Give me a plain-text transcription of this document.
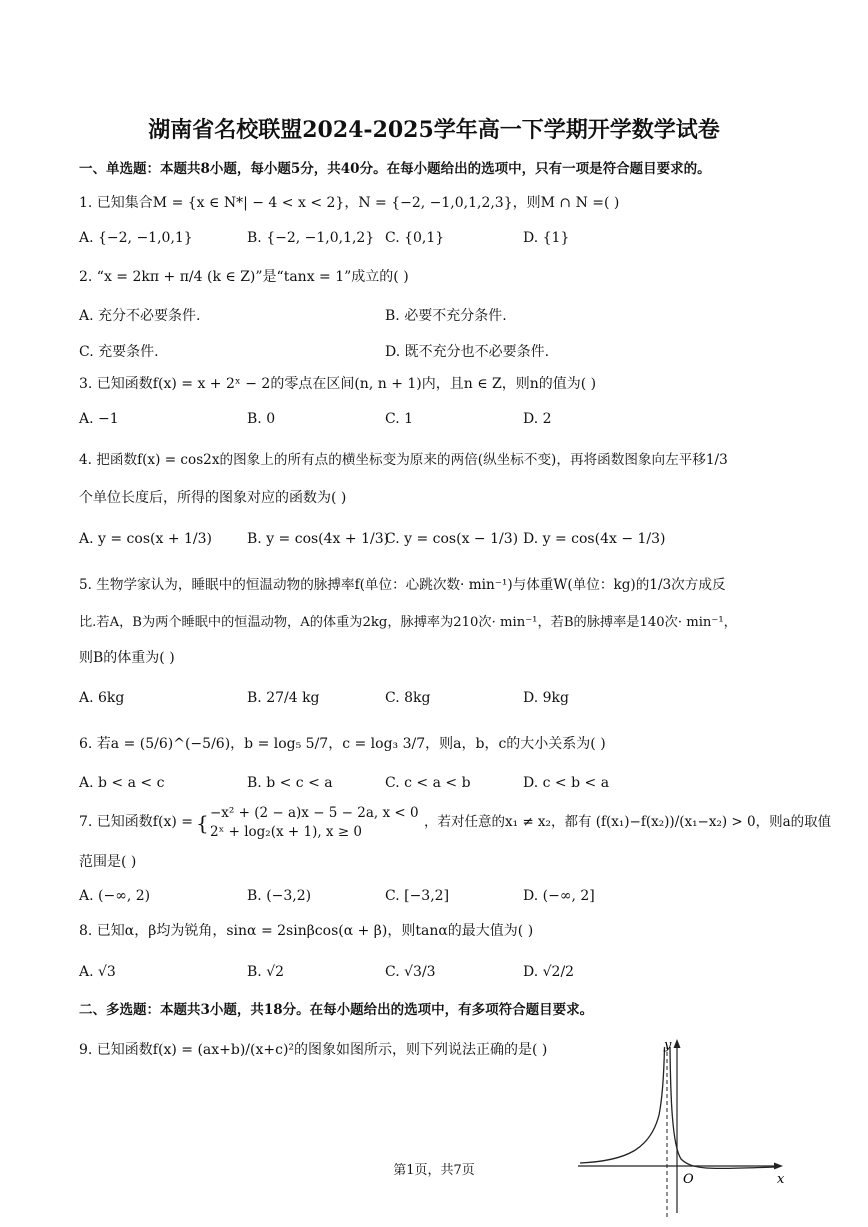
湖南省名校联盟2024-2025学年高一下学期开学数学试卷
一、单选题：本题共8小题，每小题5分，共40分。在每小题给出的选项中，只有一项是符合题目要求的。
1. 已知集合M = {x ∈ N*| − 4 < x < 2}，N = {−2, −1,0,1,2,3}，则M ∩ N =( )
A. {−2, −1,0,1}	B. {−2, −1,0,1,2} C. {0,1}	D. {1}
2. “x = 2kπ + π/4 (k ∈ Z)”是“tanx = 1”成立的( )
A. 充分不必要条件.	B. 必要不充分条件.
C. 充要条件.	D. 既不充分也不必要条件.
3. 已知函数f(x) = x + 2ˣ − 2的零点在区间(n, n + 1)内，且n ∈ Z，则n的值为( )
A. −1	B. 0	C. 1	D. 2
4. 把函数f(x) = cos2x的图象上的所有点的横坐标变为原来的两倍(纵坐标不变)，再将函数图象向左平移1/3
个单位长度后，所得的图象对应的函数为( )
A. y = cos(x + 1/3)	B. y = cos(4x + 1/3)
C. y = cos(x − 1/3) D. y = cos(4x − 1/3)
5. 生物学家认为，睡眠中的恒温动物的脉搏率f(单位：心跳次数· min⁻¹)与体重W(单位：kg)的1/3次方成反
比.若A，B为两个睡眠中的恒温动物，A的体重为2kg，脉搏率为210次· min⁻¹，若B的脉搏率是140次· min⁻¹，
则B的体重为( )
A. 6kg	B. 27/4 kg	C. 8kg	D. 9kg
6. 若a = (5/6)^(−5/6)，b = log₅ 5/7，c = log₃ 3/7，则a，b，c的大小关系为( )
A. b < a < c	B. b < c < a	C. c < a < b	D. c < b < a
7. 已知函数f(x) = { −x² + (2 − a)x − 5 − 2a, x < 0
2ˣ + log₂(x + 1), x ≥ 0
，若对任意的x₁ ≠ x₂，都有 (f(x₁)−f(x₂))/(x₁−x₂) > 0，则a的取值
范围是( )
A. (−∞, 2)	B. (−3,2)	C. [−3,2]	D. (−∞, 2]
8. 已知α，β均为锐角，sinα = 2sinβcos(α + β)，则tanα的最大值为( )
A. √3	B. √2	C. √3/3	D. √2/2
二、多选题：本题共3小题，共18分。在每小题给出的选项中，有多项符合题目要求。
9. 已知函数f(x) = (ax+b)/(x+c)²的图象如图所示，则下列说法正确的是( )	y
x
O
第1页，共7页
